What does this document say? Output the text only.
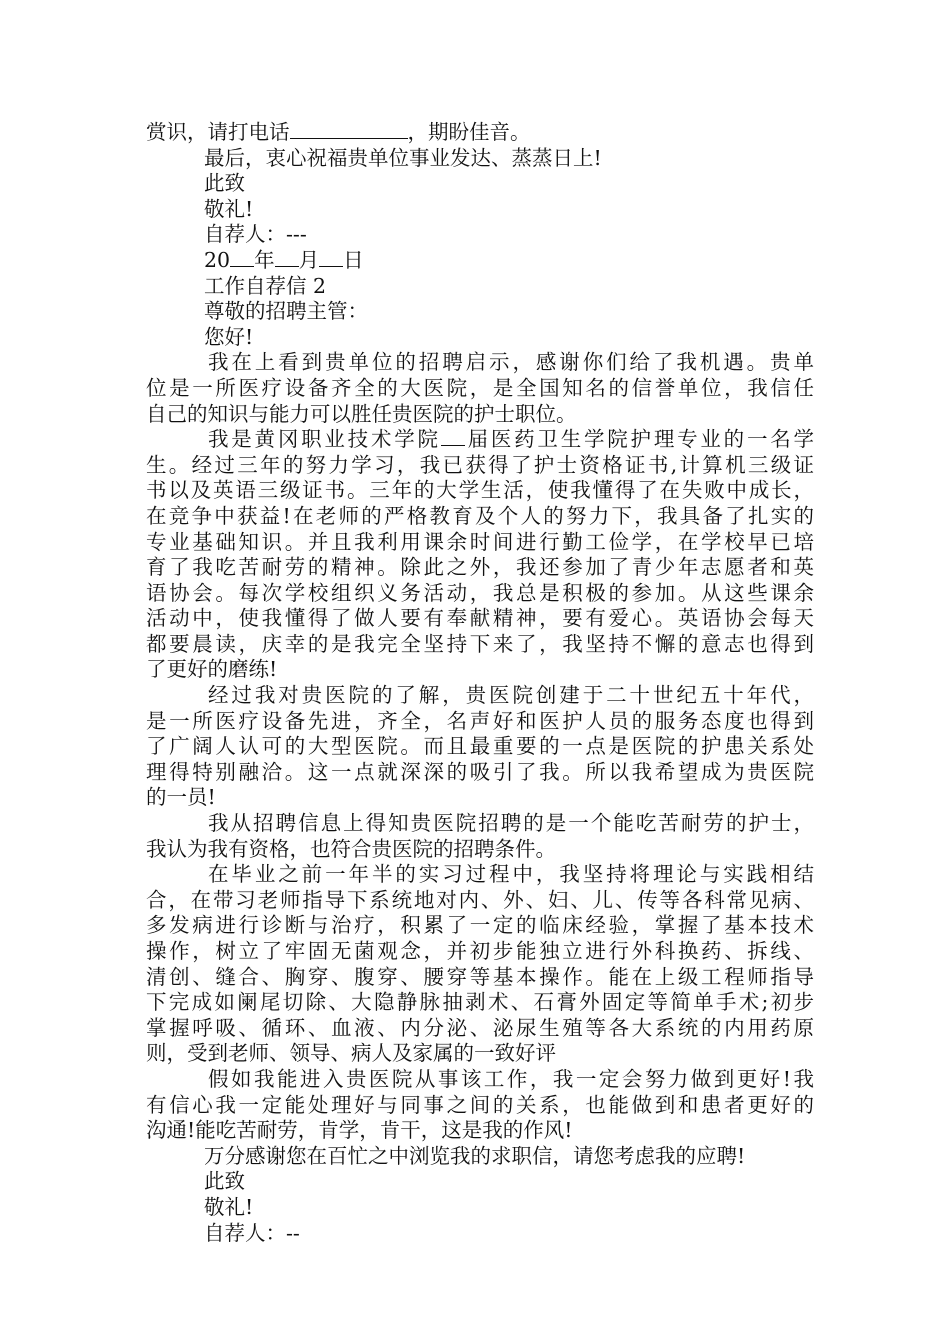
赏识，请打电话	，期盼佳音。
最后，衷心祝福贵单位事业发达、蒸蒸日上!
此致
敬礼!
自荐人：---
20 年 月 日
工作自荐信 2
尊敬的招聘主管：
您好!
我在上看到贵单位的招聘启示，感谢你们给了我机遇。贵单
位是一所医疗设备齐全的大医院，是全国知名的信誉单位，我信任
自己的知识与能力可以胜任贵医院的护士职位。
我是黄冈职业技术学院 届医药卫生学院护理专业的一名学
生。经过三年的努力学习，我已获得了护士资格证书,计算机三级证
书以及英语三级证书。三年的大学生活，使我懂得了在失败中成长，
在竞争中获益!在老师的严格教育及个人的努力下，我具备了扎实的
专业基础知识。并且我利用课余时间进行勤工俭学，在学校早已培
育了我吃苦耐劳的精神。除此之外，我还参加了青少年志愿者和英
语协会。每次学校组织义务活动，我总是积极的参加。从这些课余
活动中，使我懂得了做人要有奉献精神，要有爱心。英语协会每天
都要晨读，庆幸的是我完全坚持下来了，我坚持不懈的意志也得到
了更好的磨练!
经过我对贵医院的了解，贵医院创建于二十世纪五十年代，
是一所医疗设备先进，齐全，名声好和医护人员的服务态度也得到
了广阔人认可的大型医院。而且最重要的一点是医院的护患关系处
理得特别融洽。这一点就深深的吸引了我。所以我希望成为贵医院
的一员!
我从招聘信息上得知贵医院招聘的是一个能吃苦耐劳的护士，
我认为我有资格，也符合贵医院的招聘条件。
在毕业之前一年半的实习过程中，我坚持将理论与实践相结
合，在带习老师指导下系统地对内、外、妇、儿、传等各科常见病、
多发病进行诊断与治疗，积累了一定的临床经验，掌握了基本技术
操作，树立了牢固无菌观念，并初步能独立进行外科换药、拆线、
清创、缝合、胸穿、腹穿、腰穿等基本操作。能在上级工程师指导
下完成如阑尾切除、大隐静脉抽剥术、石膏外固定等简单手术;初步
掌握呼吸、循环、血液、内分泌、泌尿生殖等各大系统的内用药原
则，受到老师、领导、病人及家属的一致好评
假如我能进入贵医院从事该工作，我一定会努力做到更好!我
有信心我一定能处理好与同事之间的关系，也能做到和患者更好的
沟通!能吃苦耐劳，肯学，肯干，这是我的作风!
万分感谢您在百忙之中浏览我的求职信，请您考虑我的应聘!
此致
敬礼!
自荐人：--
